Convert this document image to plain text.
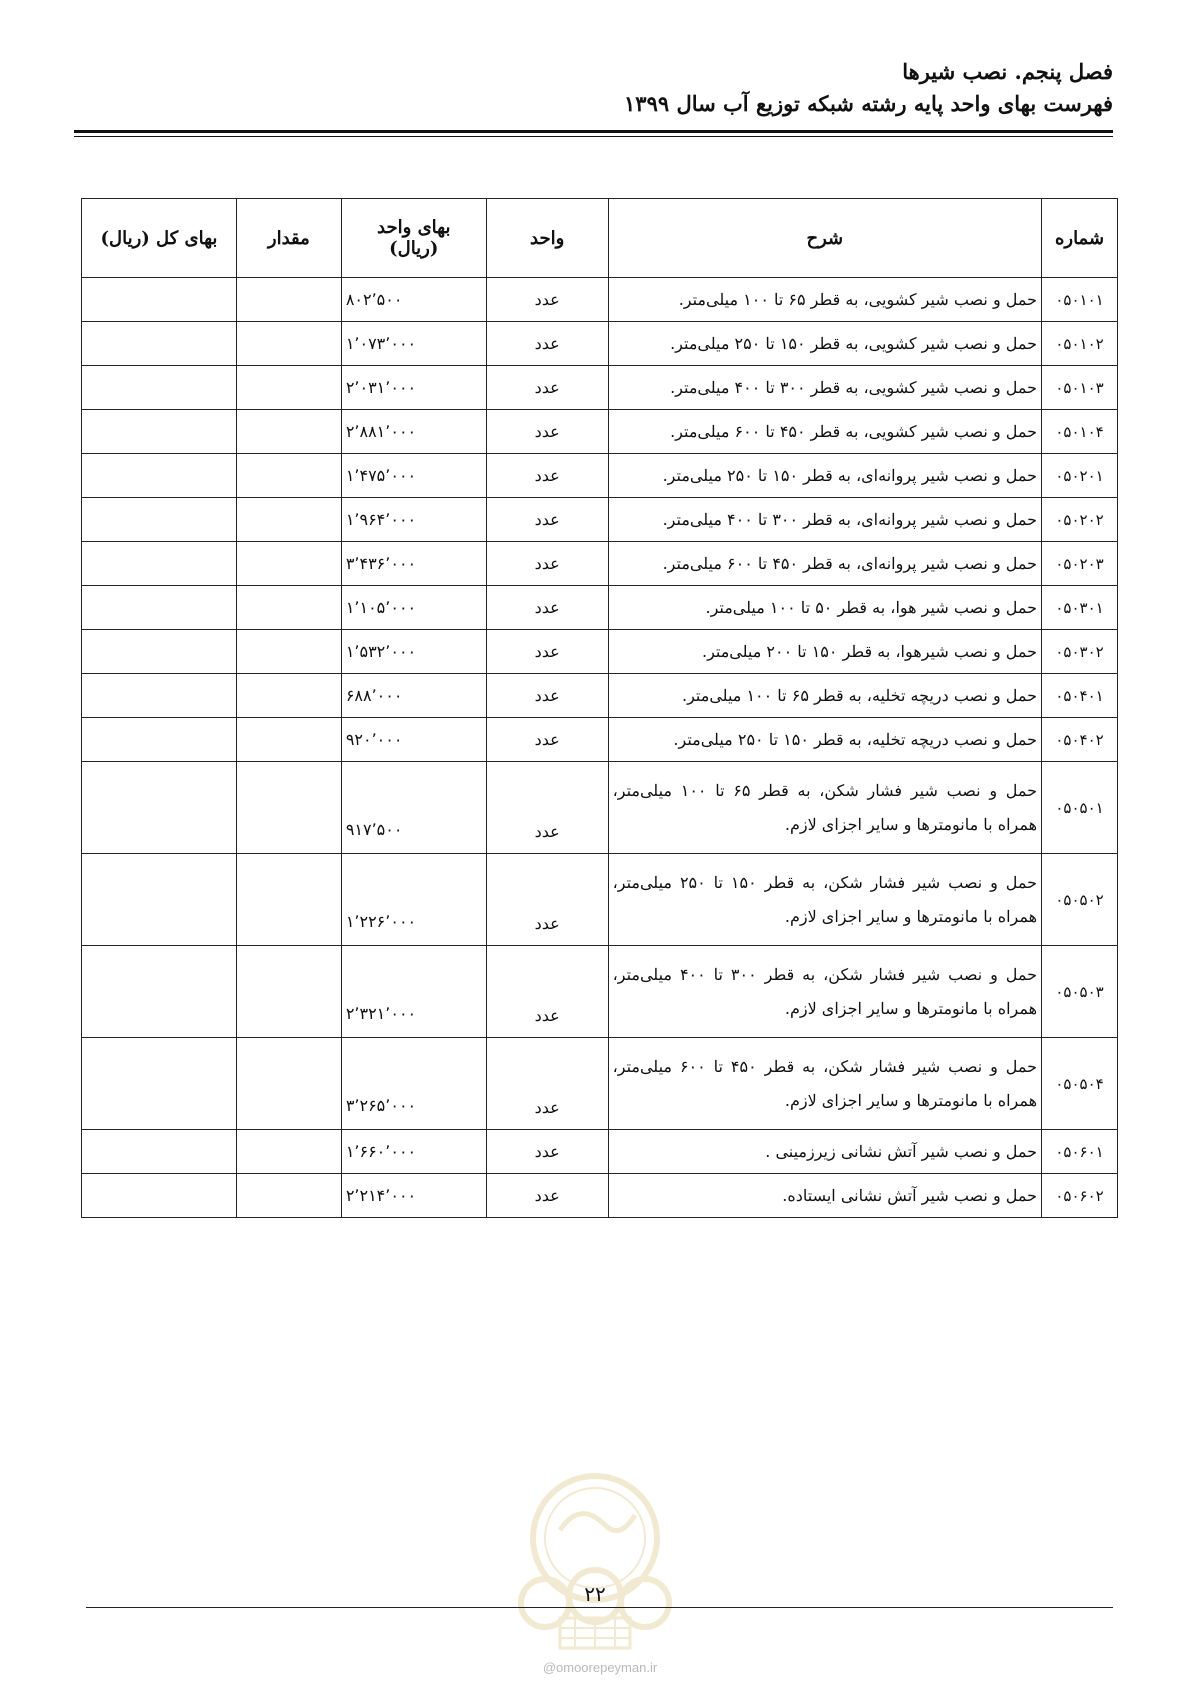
فصل پنجم. نصب شیرها
فهرست بهای واحد پایه رشته شبکه توزیع آب سال ۱۳۹۹
شماره	شرح	واحد	بهای واحد
(ریال)	مقدار	بهای کل (ریال)
۰۵۰۱۰۱	حمل و نصب شیر کشویی، به قطر ۶۵ تا ۱۰۰ میلی‌متر.	عدد	۸۰۲٬۵۰۰		
۰۵۰۱۰۲	حمل و نصب شیر کشویی، به قطر ۱۵۰ تا ۲۵۰ میلی‌متر.	عدد	۱٬۰۷۳٬۰۰۰		
۰۵۰۱۰۳	حمل و نصب شیر کشویی، به قطر ۳۰۰ تا ۴۰۰ میلی‌متر.	عدد	۲٬۰۳۱٬۰۰۰		
۰۵۰۱۰۴	حمل و نصب شیر کشویی، به قطر ۴۵۰ تا ۶۰۰ میلی‌متر.	عدد	۲٬۸۸۱٬۰۰۰		
۰۵۰۲۰۱	حمل و نصب شیر پروانه‌ای، به قطر ۱۵۰ تا ۲۵۰ میلی‌متر.	عدد	۱٬۴۷۵٬۰۰۰		
۰۵۰۲۰۲	حمل و نصب شیر پروانه‌ای، به قطر ۳۰۰ تا ۴۰۰ میلی‌متر.	عدد	۱٬۹۶۴٬۰۰۰		
۰۵۰۲۰۳	حمل و نصب شیر پروانه‌ای، به قطر ۴۵۰ تا ۶۰۰ میلی‌متر.	عدد	۳٬۴۳۶٬۰۰۰		
۰۵۰۳۰۱	حمل و نصب شیر هوا، به قطر ۵۰ تا ۱۰۰ میلی‌متر.	عدد	۱٬۱۰۵٬۰۰۰		
۰۵۰۳۰۲	حمل و نصب شیرهوا، به قطر ۱۵۰ تا ۲۰۰ میلی‌متر.	عدد	۱٬۵۳۲٬۰۰۰		
۰۵۰۴۰۱	حمل و نصب دریچه تخلیه، به قطر ۶۵ تا ۱۰۰ میلی‌متر.	عدد	۶۸۸٬۰۰۰		
۰۵۰۴۰۲	حمل و نصب دریچه تخلیه، به قطر ۱۵۰ تا ۲۵۰ میلی‌متر.	عدد	۹۲۰٬۰۰۰		
۰۵۰۵۰۱	حمل و نصب شیر فشار شکن، به قطر ۶۵ تا ۱۰۰ میلی‌متر، همراه با مانومترها و سایر اجزای لازم.	عدد	۹۱۷٬۵۰۰		
۰۵۰۵۰۲	حمل و نصب شیر فشار شکن، به قطر ۱۵۰ تا ۲۵۰ میلی‌متر، همراه با مانومترها و سایر اجزای لازم.	عدد	۱٬۲۲۶٬۰۰۰		
۰۵۰۵۰۳	حمل و نصب شیر فشار شکن، به قطر ۳۰۰ تا ۴۰۰ میلی‌متر، همراه با مانومترها و سایر اجزای لازم.	عدد	۲٬۳۲۱٬۰۰۰		
۰۵۰۵۰۴	حمل و نصب شیر فشار شکن، به قطر ۴۵۰ تا ۶۰۰ میلی‌متر، همراه با مانومترها و سایر اجزای لازم.	عدد	۳٬۲۶۵٬۰۰۰		
۰۵۰۶۰۱	حمل و نصب شیر آتش نشانی زیرزمینی .	عدد	۱٬۶۶۰٬۰۰۰		
۰۵۰۶۰۲	حمل و نصب شیر آتش نشانی ایستاده.	عدد	۲٬۲۱۴٬۰۰۰		
۲۲
@omoorepeyman.ir
